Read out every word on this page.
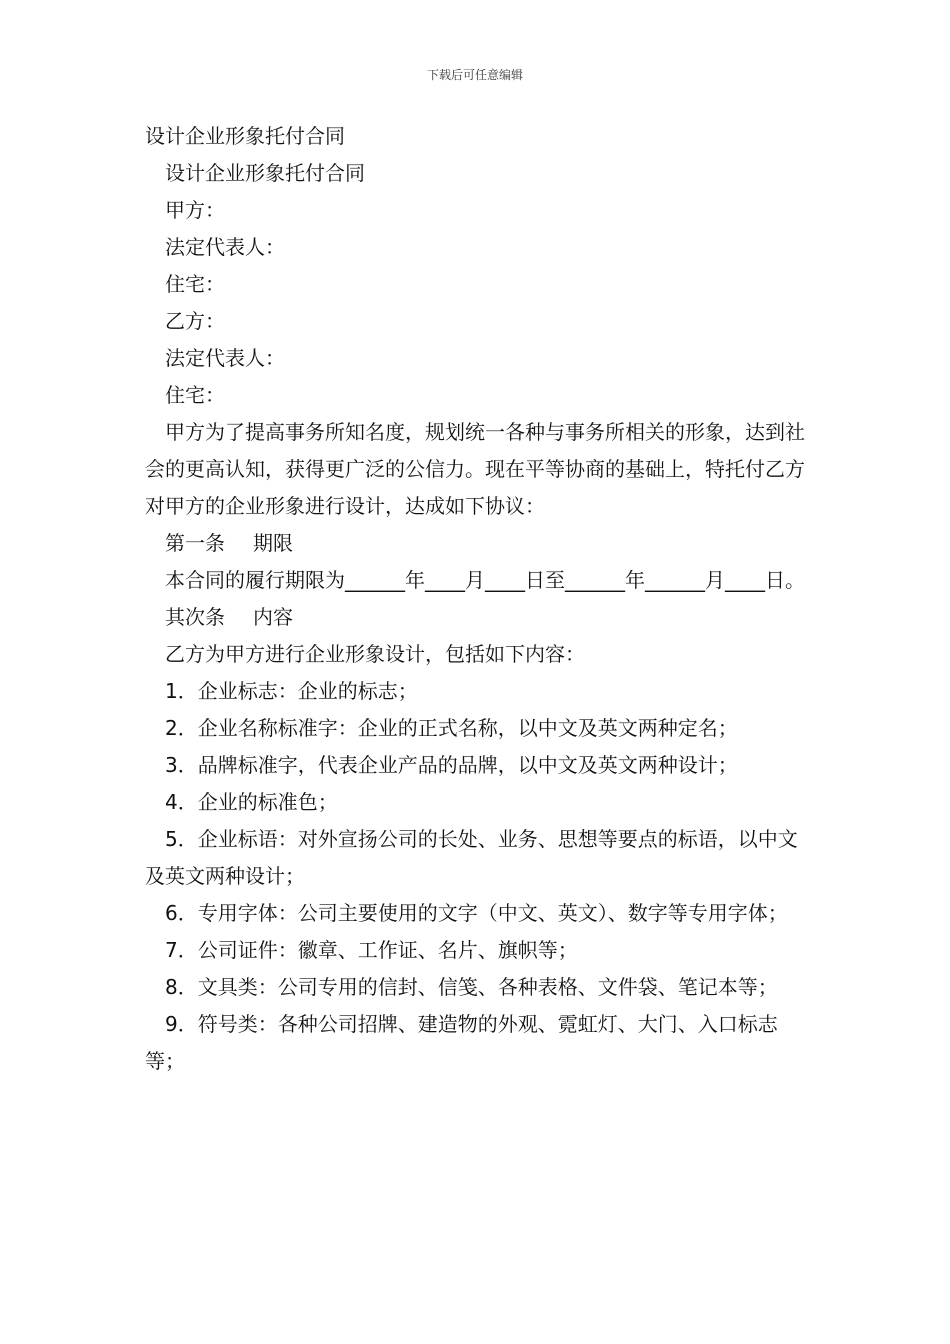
下载后可任意编辑
设计企业形象托付合同
设计企业形象托付合同
甲方：
法定代表人：
住宅：
乙方：
法定代表人：
住宅：
甲方为了提高事务所知名度，规划统一各种与事务所相关的形象，达到社会的更高认知，获得更广泛的公信力。现在平等协商的基础上，特托付乙方对甲方的企业形象进行设计，达成如下协议：
第一条 期限
本合同的履行期限为______年____月____日至______年______月____日。
其次条 内容
乙方为甲方进行企业形象设计，包括如下内容：
1．企业标志：企业的标志；
2．企业名称标准字：企业的正式名称，以中文及英文两种定名；
3．品牌标准字，代表企业产品的品牌，以中文及英文两种设计；
4．企业的标准色；
5．企业标语：对外宣扬公司的长处、业务、思想等要点的标语，以中文及英文两种设计；
6．专用字体：公司主要使用的文字（中文、英文）、数字等专用字体；
7．公司证件：徽章、工作证、名片、旗帜等；
8．文具类：公司专用的信封、信笺、各种表格、文件袋、笔记本等；
9．符号类：各种公司招牌、建造物的外观、霓虹灯、大门、入口标志等；
